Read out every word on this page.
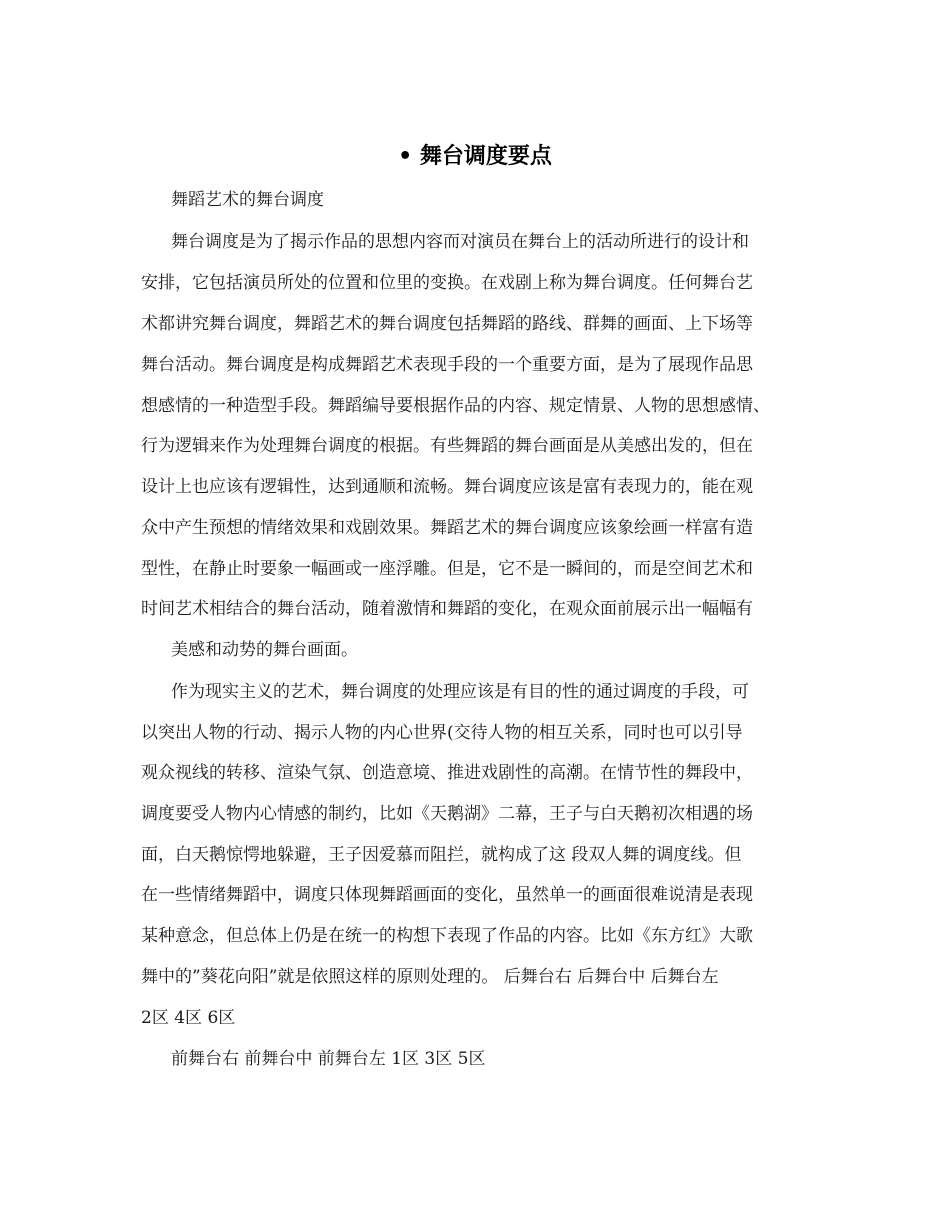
• 舞台调度要点
舞蹈艺术的舞台调度
舞台调度是为了揭示作品的思想内容而对演员在舞台上的活动所进行的设计和
安排，它包括演员所处的位置和位里的变换。在戏剧上称为舞台调度。任何舞台艺
术都讲究舞台调度，舞蹈艺术的舞台调度包括舞蹈的路线、群舞的画面、上下场等
舞台活动。舞台调度是构成舞蹈艺术表现手段的一个重要方面，是为了展现作品思
想感情的一种造型手段。舞蹈编导要根据作品的内容、规定情景、人物的思想感情、
行为逻辑来作为处理舞台调度的根据。有些舞蹈的舞台画面是从美感出发的，但在
设计上也应该有逻辑性，达到通顺和流畅。舞台调度应该是富有表现力的，能在观
众中产生预想的情绪效果和戏剧效果。舞蹈艺术的舞台调度应该象绘画一样富有造
型性，在静止时要象一幅画或一座浮雕。但是，它不是一瞬间的，而是空间艺术和
时间艺术相结合的舞台活动，随着激情和舞蹈的变化，在观众面前展示出一幅幅有
美感和动势的舞台画面。
作为现实主义的艺术，舞台调度的处理应该是有目的性的通过调度的手段，可
以突出人物的行动、揭示人物的内心世界(交待人物的相互关系，同时也可以引导
观众视线的转移、渲染气氛、创造意境、推进戏剧性的高潮。在情节性的舞段中，
调度要受人物内心情感的制约，比如《天鹅湖》二幕，王子与白天鹅初次相遇的场
面，白天鹅惊愕地躲避，王子因爱慕而阻拦，就构成了这 段双人舞的调度线。但
在一些情绪舞蹈中，调度只体现舞蹈画面的变化，虽然单一的画面很难说清是表现
某种意念，但总体上仍是在统一的构想下表现了作品的内容。比如《东方红》大歌
舞中的”葵花向阳”就是依照这样的原则处理的。 后舞台右 后舞台中 后舞台左
2区 4区 6区
前舞台右 前舞台中 前舞台左 1区 3区 5区
